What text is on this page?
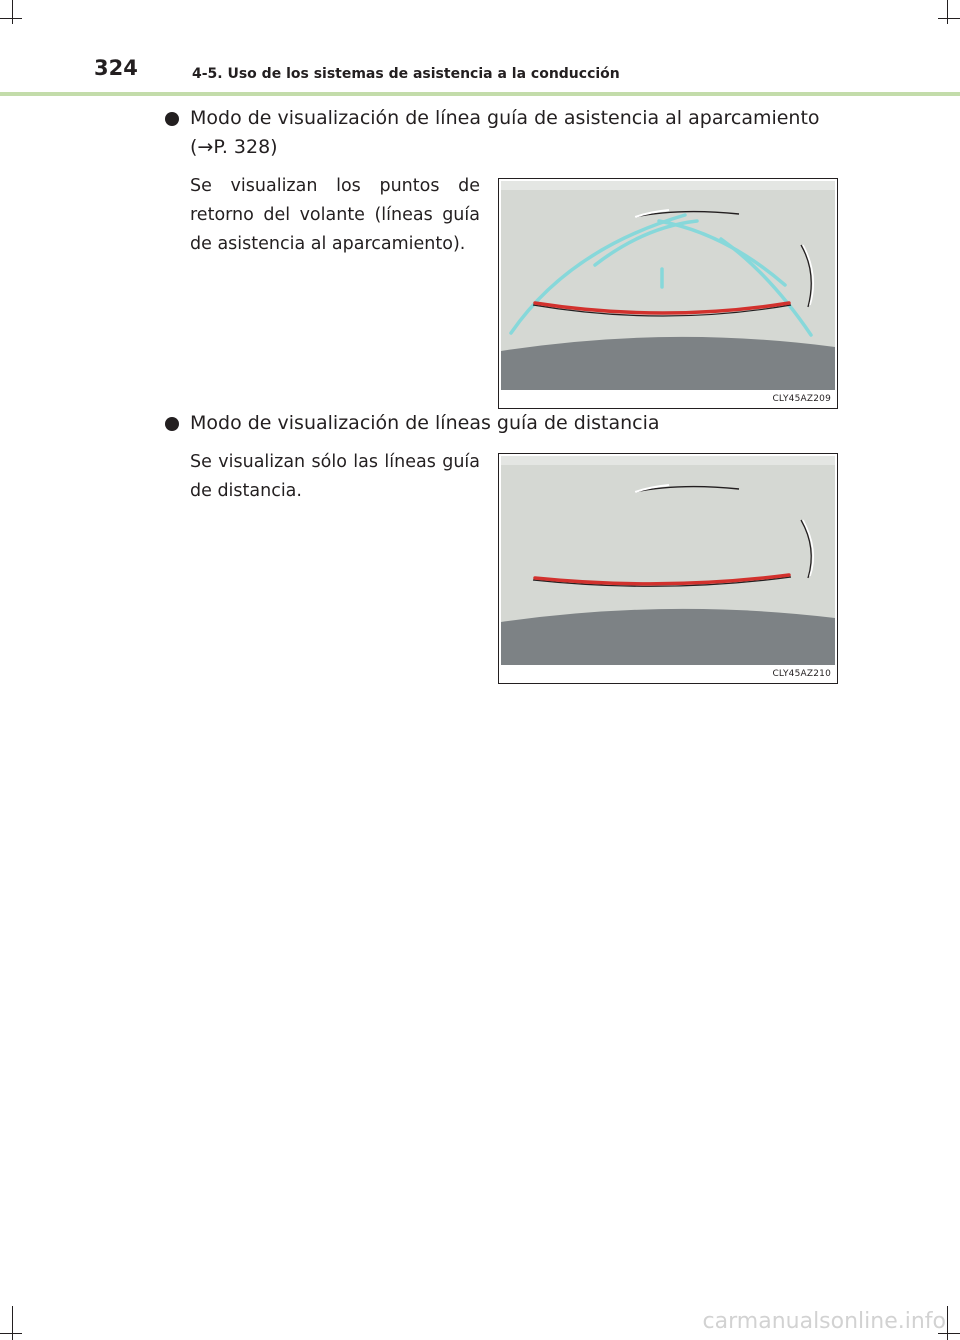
324	4-5. Uso de los sistemas de asistencia a la conducción
Modo de visualización de línea guía de asistencia al aparcamiento
(→P. 328)
Se visualizan los puntos de retorno del volante (líneas guía de asistencia al aparcamiento).
CLY45AZ209
Modo de visualización de líneas guía de distancia
Se visualizan sólo las líneas guía de distancia.
CLY45AZ210
carmanualsonline.info
